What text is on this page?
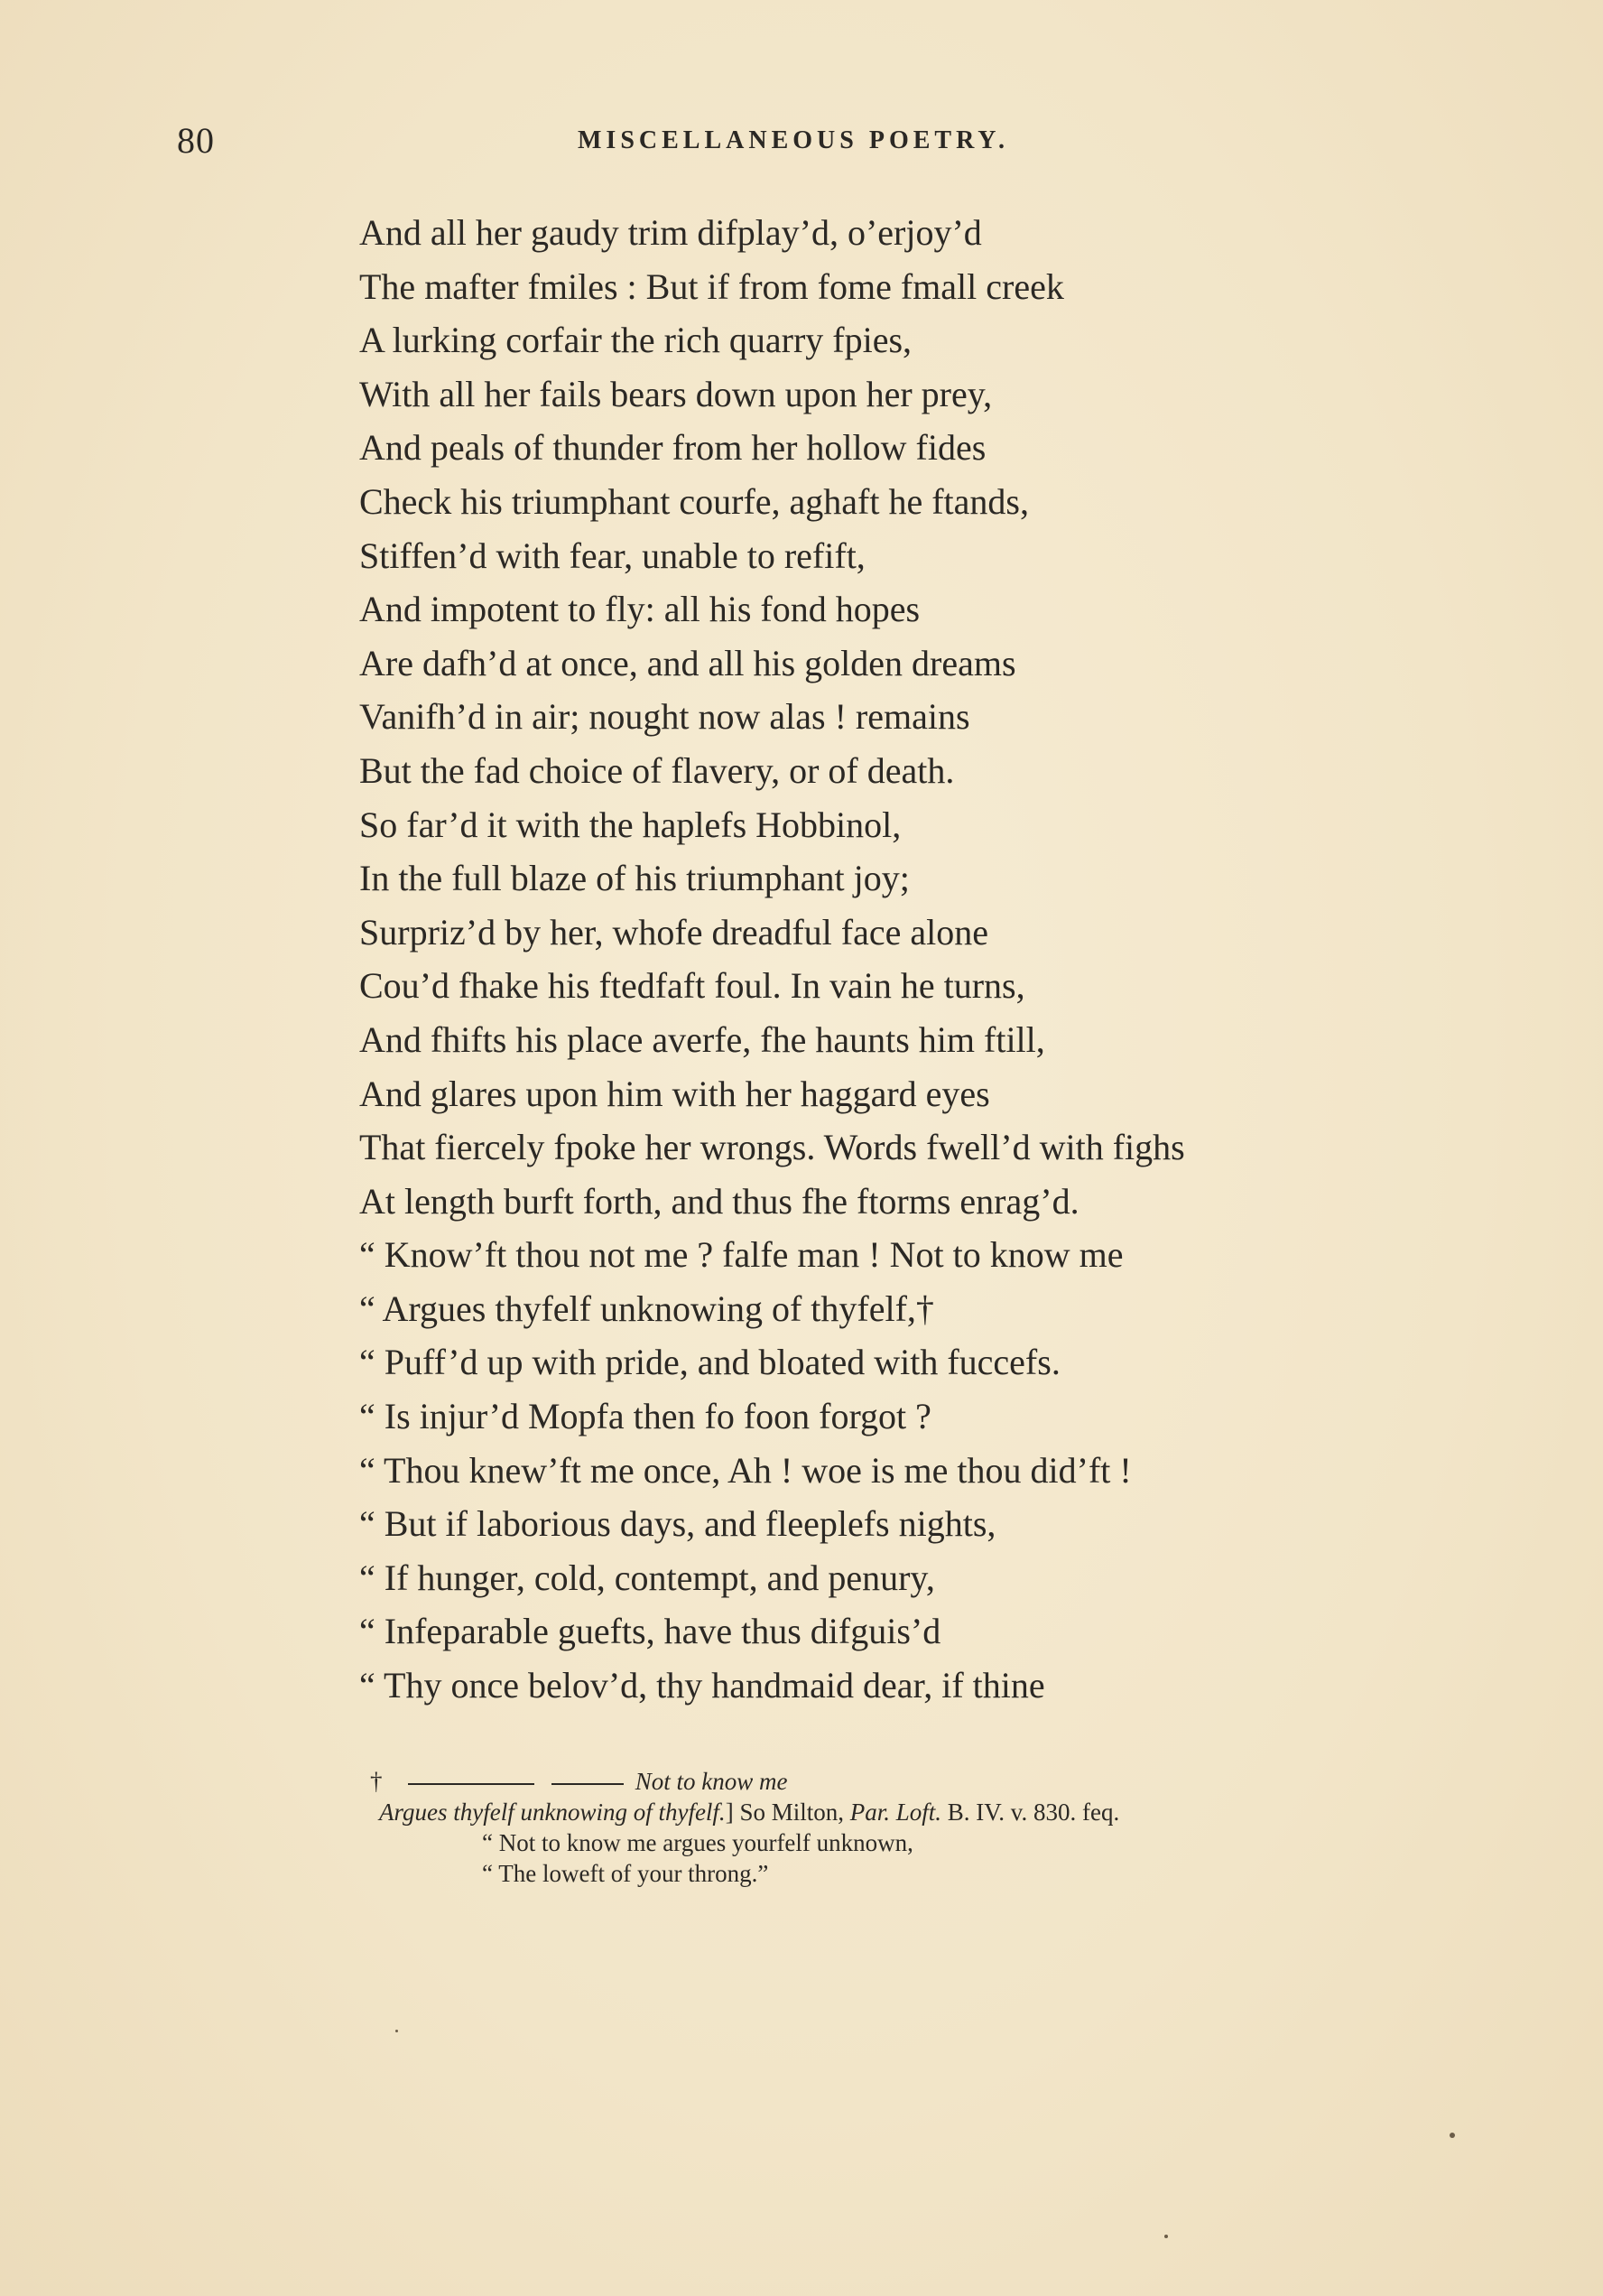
80	MISCELLANEOUS POETRY.
And all her gaudy trim difplay’d, o’erjoy’d
The mafter fmiles : But if from fome fmall creek
A lurking corfair the rich quarry fpies,
With all her fails bears down upon her prey,
And peals of thunder from her hollow fides
Check his triumphant courfe, aghaft he ftands,
Stiffen’d with fear, unable to refift,
And impotent to fly: all his fond hopes
Are dafh’d at once, and all his golden dreams
Vanifh’d in air; nought now alas ! remains
But the fad choice of flavery, or of death.
So far’d it with the haplefs Hobbinol,
In the full blaze of his triumphant joy;
Surpriz’d by her, whofe dreadful face alone
Cou’d fhake his ftedfaft foul. In vain he turns,
And fhifts his place averfe, fhe haunts him ftill,
And glares upon him with her haggard eyes
That fiercely fpoke her wrongs. Words fwell’d with fighs
At length burft forth, and thus fhe ftorms enrag’d.
“ Know’ft thou not me ? falfe man ! Not to know me
“ Argues thyfelf unknowing of thyfelf,†
“ Puff’d up with pride, and bloated with fuccefs.
“ Is injur’d Mopfa then fo foon forgot ?
“ Thou knew’ft me once, Ah ! woe is me thou did’ft !
“ But if laborious days, and fleeplefs nights,
“ If hunger, cold, contempt, and penury,
“ Infeparable guefts, have thus difguis’d
“ Thy once belov’d, thy handmaid dear, if thine
†	Not to know me
Argues thyfelf unknowing of thyfelf.] So Milton, Par. Loft. B. IV. v. 830. feq.
“ Not to know me argues yourfelf unknown,
“ The loweft of your throng.”
